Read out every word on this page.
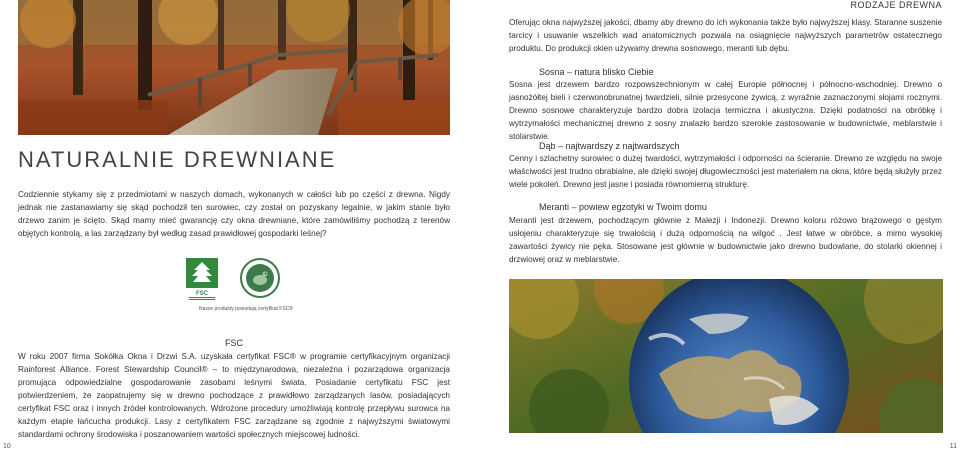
NATURALNIE DREWNIANE

Codziennie stykamy się z przedmiotami w naszych domach, wykonanych w całości lub po części z drewna. Nigdy jednak nie zastanawiamy się skąd pochodził ten surowiec, czy został on pozyskany legalnie, w jakim stanie było drzewo zanim je ścięto. Skąd mamy mieć gwarancję czy okna drewniane, które zamówiliśmy pochodzą z terenów objętych kontrolą, a las zarządzany był według zasad prawidłowej gospodarki leśnej?

FSC
Nasze produkty posiadają certyfikat FSC®
FSC

W roku 2007 firma Sokółka Okna i Drzwi S.A. uzyskała certyfikat FSC® w programie certyfikacyjnym organizacji Rainforest Alliance. Forest Stewardship Council® – to międzynarodowa, niezależna i pozarządowa organizacja promująca odpowiedzialne gospodarowanie zasobami leśnymi świata. Posiadanie certyfikatu FSC jest potwierdzeniem, że zaopatrujemy się w drewno pochodzące z prawidłowo zarządzanych lasów, posiadających certyfikat FSC oraz i innych źródeł kontrolowanych. Wdrożone procedury umożliwiają kontrolę przepływu surowca na każdym etapie łańcucha produkcji. Lasy z certyfikatem FSC zarządzane są zgodnie z najwyższymi światowymi standardami ochrony środowiska i poszanowaniem wartości społecznych miejscowej ludności.

10
RODZAJE DREWNA

Oferując okna najwyższej jakości, dbamy aby drewno do ich wykonania także było najwyższej klasy. Staranne suszenie tarcicy i usuwanie wszelkich wad anatomicznych pozwala na osiągnięcie najwyższych parametrów ostatecznego produktu. Do produkcji okien używamy drewna sosnowego, meranti lub dębu.

Sosna – natura blisko Ciebie

Sosna jest drzewem bardzo rozpowszechnionym w całej Europie północnej i północno-wschodniej. Drewno o jasnożółtej bieli i czerwonobrunatnej twardzieli, silnie przesycone żywicą, z wyraźnie zaznaczonymi słojami rocznymi. Drewno sosnowe charakteryzuje bardzo dobra izolacja termiczna i akustyczna. Dzięki podatności na obróbkę i wytrzymałości mechanicznej drewno z sosny znalazło bardzo szerokie zastosowanie w budownictwie, meblarstwie i stolarstwie.

Dąb – najtwardszy z najtwardszych

Cenny i szlachetny surowiec o dużej twardości, wytrzymałości i odporności na ścieranie. Drewno ze względu na swoje właściwości jest trudno obrabialne, ale dzięki swojej długowieczności jest materiałem na okna, które będą służyły przez wiele pokoleń. Drewno jest jasne i posiada równomierną strukturę.

Meranti – powiew egzotyki w Twoim domu

Meranti jest drzewem, pochodzącym głównie z Malezji i Indonezji. Drewno koloru różowo brązowego o gęstym usłojeniu charakteryzuje się trwałością i dużą odpornością na wilgoć . Jest łatwe w obróbce, a mimo wysokiej zawartości żywicy nie pęka. Stosowane jest głównie w budownictwie jako drewno budowlane, do stolarki okiennej i drzwiowej oraz w meblarstwie.

11
